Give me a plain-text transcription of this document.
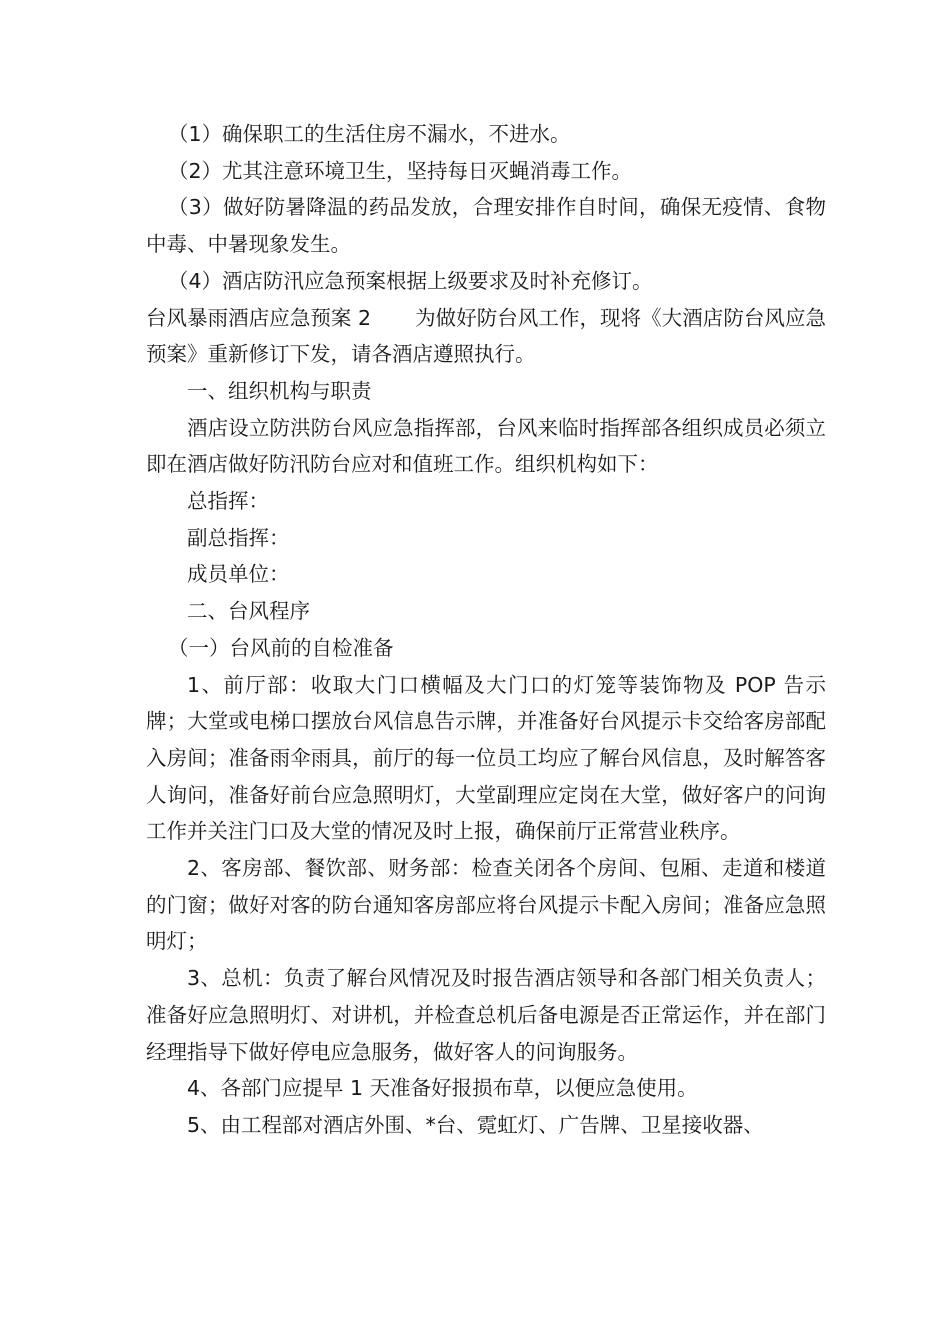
（1）确保职工的生活住房不漏水，不进水。

（2）尤其注意环境卫生，坚持每日灭蝇消毒工作。

（3）做好防暑降温的药品发放，合理安排作自时间，确保无疫情、食物中毒、中暑现象发生。

（4）酒店防汛应急预案根据上级要求及时补充修订。

台风暴雨酒店应急预案 2 为做好防台风工作，现将《大酒店防台风应急预案》重新修订下发，请各酒店遵照执行。

一、组织机构与职责

酒店设立防洪防台风应急指挥部，台风来临时指挥部各组织成员必须立即在酒店做好防汛防台应对和值班工作。组织机构如下：

总指挥：

副总指挥：

成员单位：

二、台风程序

（一）台风前的自检准备

1、前厅部：收取大门口横幅及大门口的灯笼等装饰物及 POP 告示牌；大堂或电梯口摆放台风信息告示牌，并准备好台风提示卡交给客房部配入房间；准备雨伞雨具，前厅的每一位员工均应了解台风信息，及时解答客人询问，准备好前台应急照明灯，大堂副理应定岗在大堂，做好客户的问询工作并关注门口及大堂的情况及时上报，确保前厅正常营业秩序。

2、客房部、餐饮部、财务部：检查关闭各个房间、包厢、走道和楼道的门窗；做好对客的防台通知客房部应将台风提示卡配入房间；准备应急照明灯；

3、总机：负责了解台风情况及时报告酒店领导和各部门相关负责人；准备好应急照明灯、对讲机，并检查总机后备电源是否正常运作，并在部门经理指导下做好停电应急服务，做好客人的问询服务。

4、各部门应提早 1 天准备好报损布草，以便应急使用。

5、由工程部对酒店外围、*台、霓虹灯、广告牌、卫星接收器、
